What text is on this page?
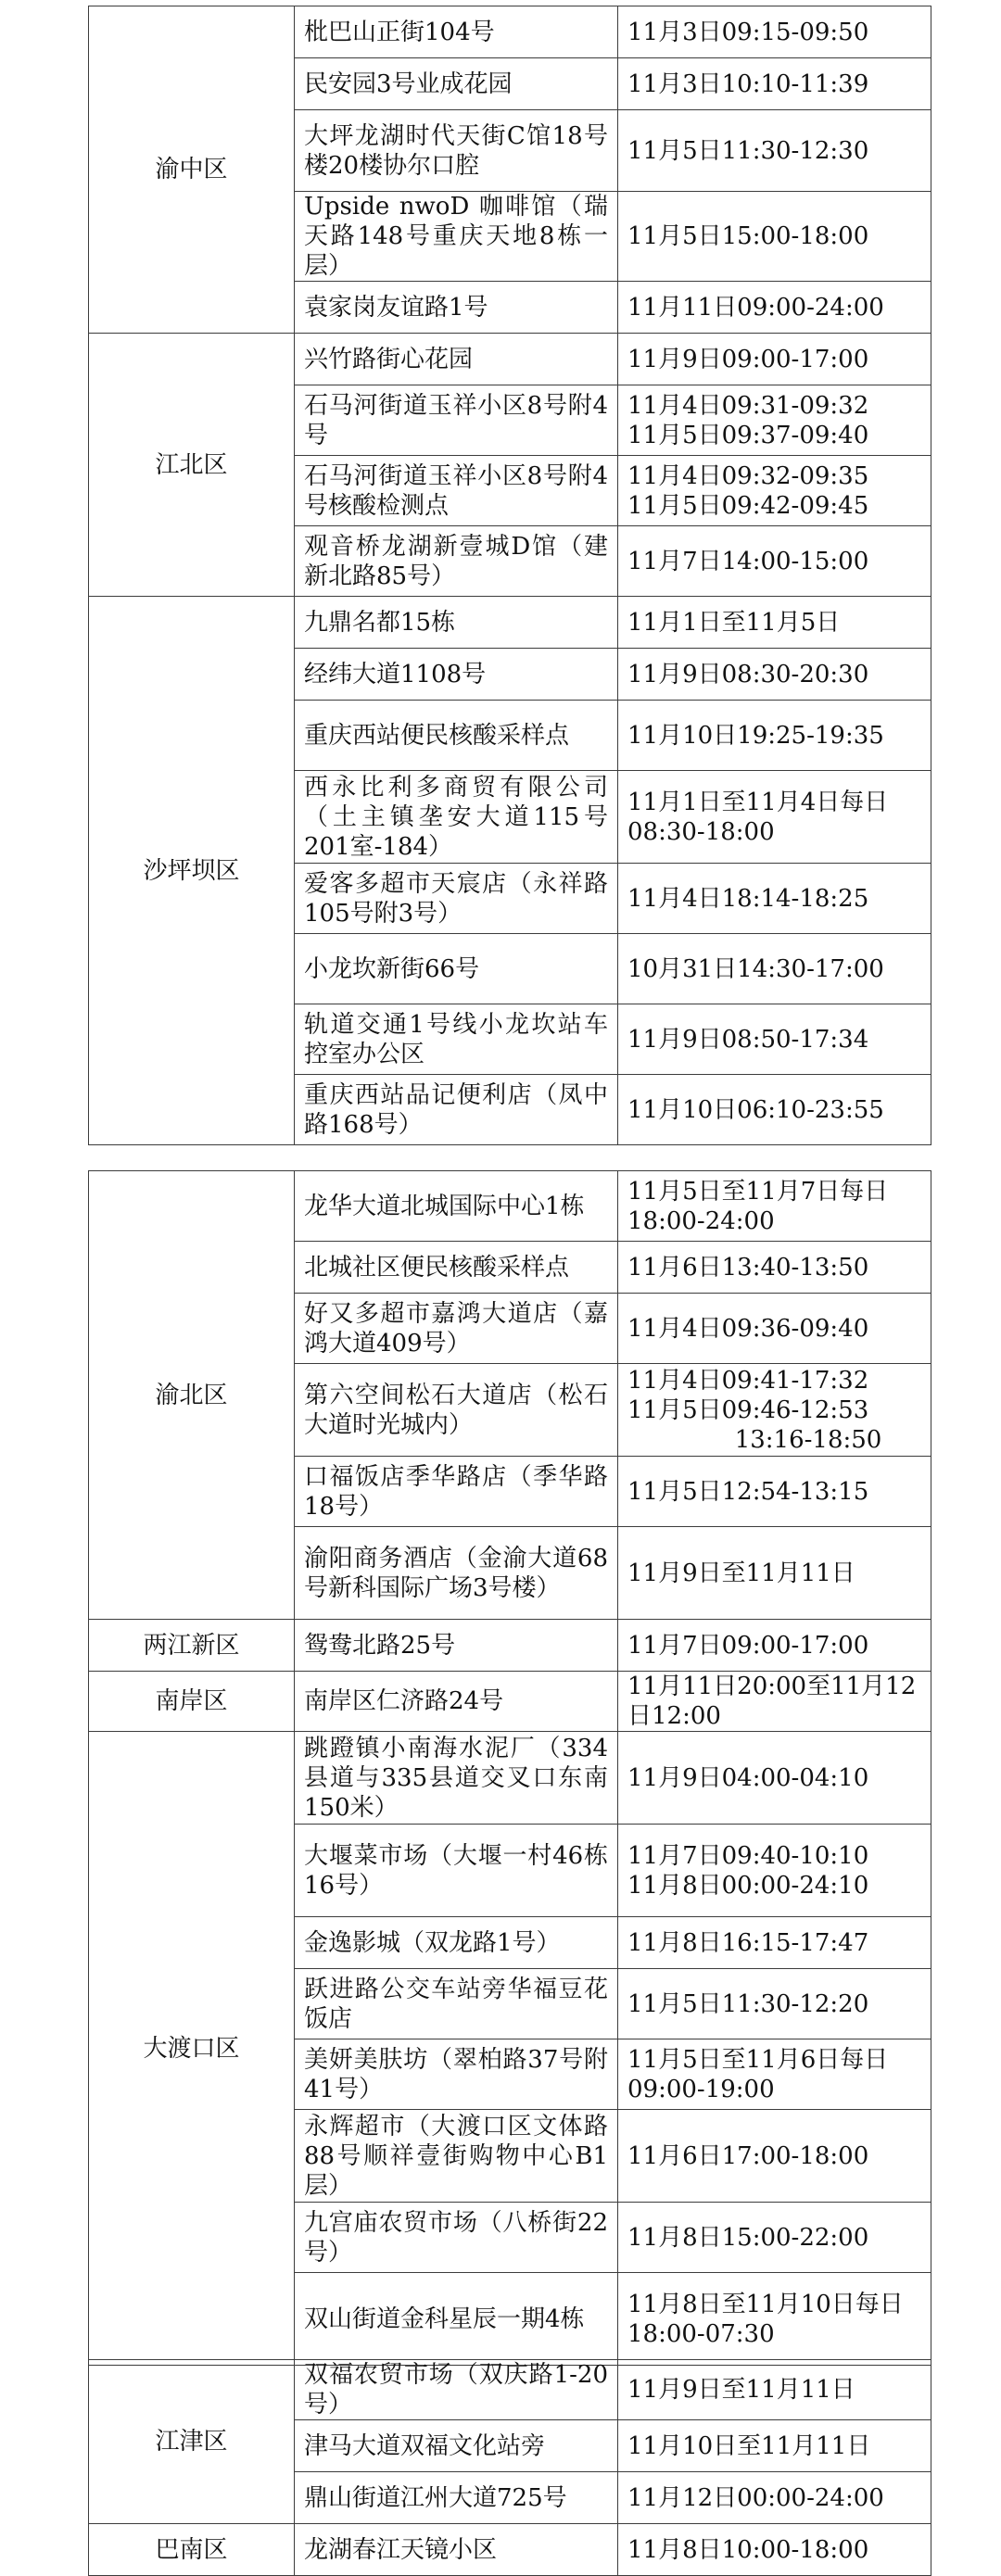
渝中区	枇巴山正街104号	11月3日09:15-09:50
	民安园3号业成花园	11月3日10:10-11:39
	大坪龙湖时代天街C馆18号楼20楼协尔口腔	11月5日11:30-12:30
	Upside nwoD 咖啡馆（瑞天路148号重庆天地8栋一层）	11月5日15:00-18:00
	袁家岗友谊路1号	11月11日09:00-24:00
江北区	兴竹路街心花园	11月9日09:00-17:00
	石马河街道玉祥小区8号附4号	11月4日09:31-09:32
11月5日09:37-09:40
	石马河街道玉祥小区8号附4号核酸检测点	11月4日09:32-09:35
11月5日09:42-09:45
	观音桥龙湖新壹城D馆（建新北路85号）	11月7日14:00-15:00
沙坪坝区	九鼎名都15栋	11月1日至11月5日
	经纬大道1108号	11月9日08:30-20:30
	重庆西站便民核酸采样点	11月10日19:25-19:35
	西永比利多商贸有限公司（土主镇垄安大道115号201室-184）	11月1日至11月4日每日08:30-18:00
	爱客多超市天宸店（永祥路105号附3号）	11月4日18:14-18:25
	小龙坎新街66号	10月31日14:30-17:00
	轨道交通1号线小龙坎站车控室办公区	11月9日08:50-17:34
	重庆西站品记便利店（凤中路168号）	11月10日06:10-23:55
渝北区	龙华大道北城国际中心1栋	11月5日至11月7日每日18:00-24:00
	北城社区便民核酸采样点	11月6日13:40-13:50
	好又多超市嘉鸿大道店（嘉鸿大道409号）	11月4日09:36-09:40
	第六空间松石大道店（松石大道时光城内）	11月4日09:41-17:32
11月5日09:46-12:53
13:16-18:50
	口福饭店季华路店（季华路18号）	11月5日12:54-13:15
	渝阳商务酒店（金渝大道68号新科国际广场3号楼）	11月9日至11月11日
两江新区	鸳鸯北路25号	11月7日09:00-17:00
南岸区	南岸区仁济路24号	11月11日20:00至11月12日12:00
大渡口区	跳蹬镇小南海水泥厂（334县道与335县道交叉口东南150米）	11月9日04:00-04:10
	大堰菜市场（大堰一村46栋16号）	11月7日09:40-10:10
11月8日00:00-24:10
	金逸影城（双龙路1号）	11月8日16:15-17:47
	跃进路公交车站旁华福豆花饭店	11月5日11:30-12:20
	美妍美肤坊（翠柏路37号附41号）	11月5日至11月6日每日09:00-19:00
	永辉超市（大渡口区文体路88号顺祥壹街购物中心B1层）	11月6日17:00-18:00
	九宫庙农贸市场（八桥街22号）	11月8日15:00-22:00
	双山街道金科星辰一期4栋	11月8日至11月10日每日18:00-07:30
江津区	双福农贸市场（双庆路1-20号）	11月9日至11月11日
	津马大道双福文化站旁	11月10日至11月11日
	鼎山街道江州大道725号	11月12日00:00-24:00
巴南区	龙湖春江天镜小区	11月8日10:00-18:00
